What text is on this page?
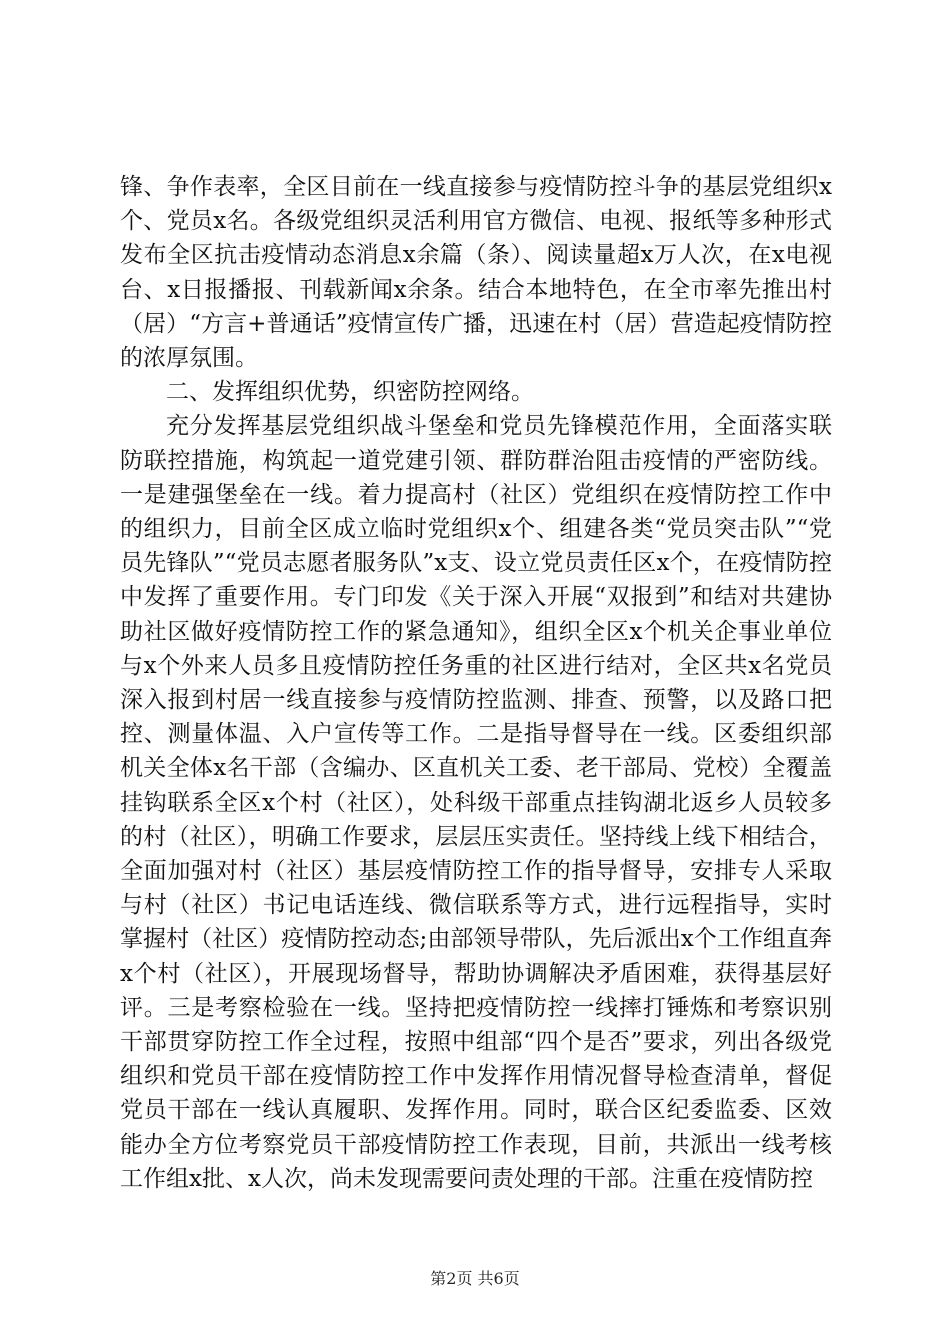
锋、争作表率，全区目前在一线直接参与疫情防控斗争的基层党组织x个、党员x名。各级党组织灵活利用官方微信、电视、报纸等多种形式发布全区抗击疫情动态消息x余篇（条）、阅读量超x万人次，在x电视台、x日报播报、刊载新闻x余条。结合本地特色，在全市率先推出村（居）“方言+普通话”疫情宣传广播，迅速在村（居）营造起疫情防控的浓厚氛围。

二、发挥组织优势，织密防控网络。

充分发挥基层党组织战斗堡垒和党员先锋模范作用，全面落实联防联控措施，构筑起一道党建引领、群防群治阻击疫情的严密防线。一是建强堡垒在一线。着力提高村（社区）党组织在疫情防控工作中的组织力，目前全区成立临时党组织x个、组建各类“党员突击队”“党员先锋队”“党员志愿者服务队”x支、设立党员责任区x个，在疫情防控中发挥了重要作用。专门印发《关于深入开展“双报到”和结对共建协助社区做好疫情防控工作的紧急通知》，组织全区x个机关企事业单位与x个外来人员多且疫情防控任务重的社区进行结对，全区共x名党员深入报到村居一线直接参与疫情防控监测、排查、预警，以及路口把控、测量体温、入户宣传等工作。二是指导督导在一线。区委组织部机关全体x名干部（含编办、区直机关工委、老干部局、党校）全覆盖挂钩联系全区x个村（社区），处科级干部重点挂钩湖北返乡人员较多的村（社区），明确工作要求，层层压实责任。坚持线上线下相结合，全面加强对村（社区）基层疫情防控工作的指导督导，安排专人采取与村（社区）书记电话连线、微信联系等方式，进行远程指导，实时掌握村（社区）疫情防控动态;由部领导带队，先后派出x个工作组直奔x个村（社区），开展现场督导，帮助协调解决矛盾困难，获得基层好评。三是考察检验在一线。坚持把疫情防控一线摔打锤炼和考察识别干部贯穿防控工作全过程，按照中组部“四个是否”要求，列出各级党组织和党员干部在疫情防控工作中发挥作用情况督导检查清单，督促党员干部在一线认真履职、发挥作用。同时，联合区纪委监委、区效能办全方位考察党员干部疫情防控工作表现，目前，共派出一线考核工作组x批、x人次，尚未发现需要问责处理的干部。注重在疫情防控

第2页 共6页
